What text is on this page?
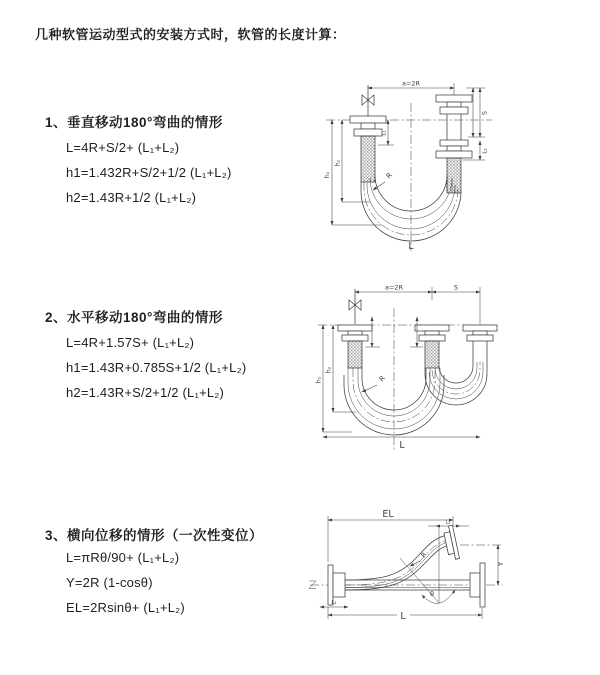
几种软管运动型式的安装方式时，软管的长度计算：
1、垂直移动180°弯曲的情形
L=4R+S/2+ (L₁+L₂)
h1=1.432R+S/2+1/2 (L₁+L₂)
h2=1.43R+1/2 (L₁+L₂)
2、水平移动180°弯曲的情形
L=4R+1.57S+ (L₁+L₂)
h1=1.43R+0.785S+1/2 (L₁+L₂)
h2=1.43R+S/2+1/2 (L₁+L₂)
3、横向位移的情形（一次性变位）
L=πRθ/90+ (L₁+L₂)
Y=2R (1-cosθ)
EL=2Rsinθ+ (L₁+L₂)
a=2R
R
h₁
h₂
L₁
S
L₂
L
a=2R	S
R
h₁
h₂
L
EL
L₂
θ
R
Y
L₁
L
